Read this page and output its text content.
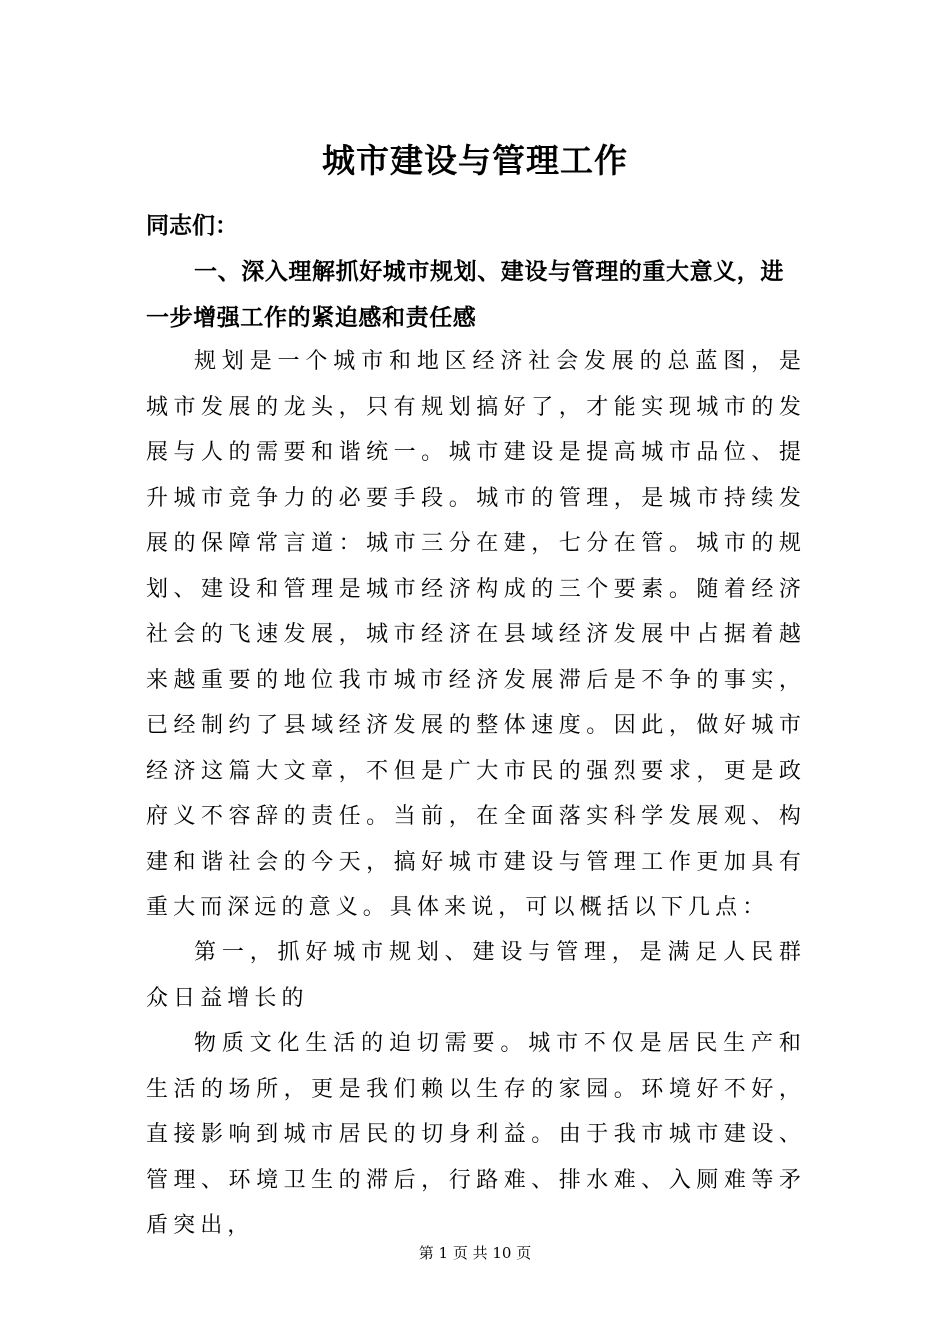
城市建设与管理工作
同志们：
一、深入理解抓好城市规划、建设与管理的重大意义，进一步增强工作的紧迫感和责任感
规划是一个城市和地区经济社会发展的总蓝图，是城市发展的龙头，只有规划搞好了，才能实现城市的发展与人的需要和谐统一。城市建设是提高城市品位、提升城市竞争力的必要手段。城市的管理，是城市持续发展的保障常言道：城市三分在建，七分在管。城市的规划、建设和管理是城市经济构成的三个要素。随着经济社会的飞速发展，城市经济在县域经济发展中占据着越来越重要的地位我市城市经济发展滞后是不争的事实，已经制约了县域经济发展的整体速度。因此，做好城市经济这篇大文章，不但是广大市民的强烈要求，更是政府义不容辞的责任。当前，在全面落实科学发展观、构建和谐社会的今天，搞好城市建设与管理工作更加具有重大而深远的意义。具体来说，可以概括以下几点：
第一，抓好城市规划、建设与管理，是满足人民群众日益增长的
物质文化生活的迫切需要。城市不仅是居民生产和生活的场所，更是我们赖以生存的家园。环境好不好，直接影响到城市居民的切身利益。由于我市城市建设、管理、环境卫生的滞后，行路难、排水难、入厕难等矛盾突出，
第 1 页 共 10 页
